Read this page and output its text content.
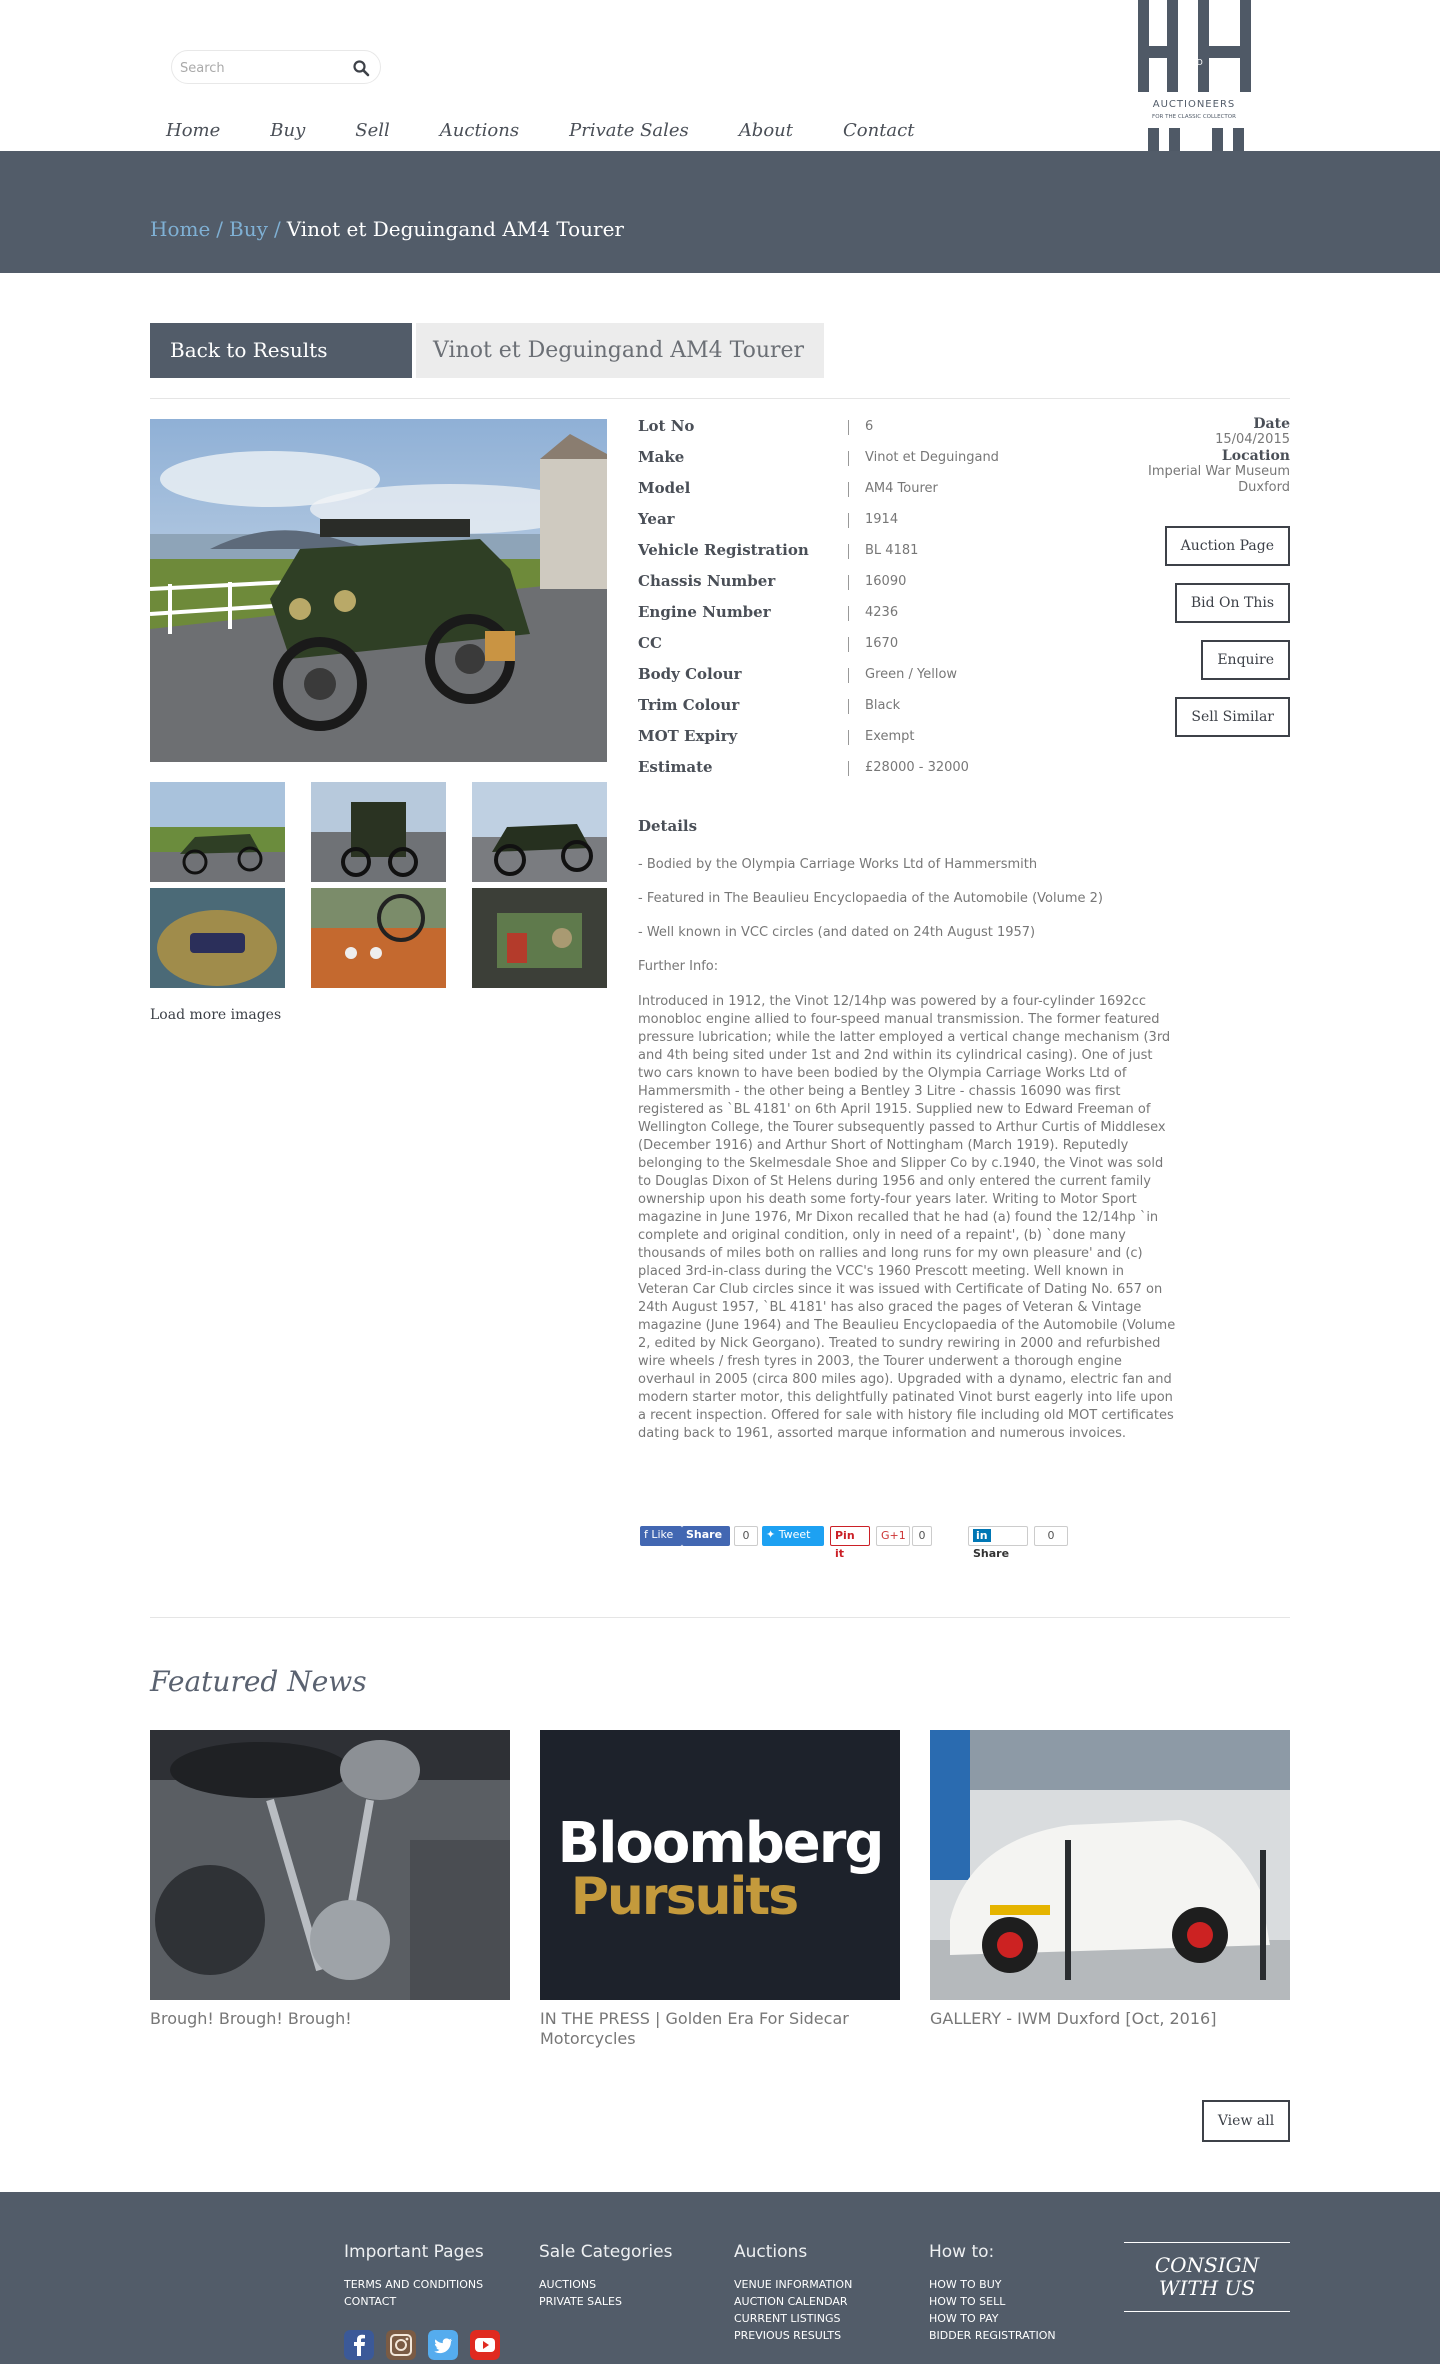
Search
Home	Buy	Sell	Auctions	Private Sales	About	Contact
AND
AUCTIONEERS
FOR THE CLASSIC COLLECTOR
Home / Buy / Vinot et Deguingand AM4 Tourer
Back to Results	Vinot et Deguingand AM4 Tourer
Load more images
Lot No	6
Make	Vinot et Deguingand
Model	AM4 Tourer
Year	1914
Vehicle Registration	BL 4181
Chassis Number	16090
Engine Number	4236
CC	1670
Body Colour	Green / Yellow
Trim Colour	Black
MOT Expiry	Exempt
Estimate	£28000 - 32000
Date
15/04/2015
Location
Imperial War Museum
Duxford
Auction Page
Bid On This
Enquire
Sell Similar
Details
- Bodied by the Olympia Carriage Works Ltd of Hammersmith
- Featured in The Beaulieu Encyclopaedia of the Automobile (Volume 2)
- Well known in VCC circles (and dated on 24th August 1957)
Further Info:
Introduced in 1912, the Vinot 12/14hp was powered by a four-cylinder 1692cc monobloc engine allied to four-speed manual transmission. The former featured pressure lubrication; while the latter employed a vertical change mechanism (3rd and 4th being sited under 1st and 2nd within its cylindrical casing). One of just two cars known to have been bodied by the Olympia Carriage Works Ltd of Hammersmith - the other being a Bentley 3 Litre - chassis 16090 was first registered as `BL 4181' on 6th April 1915. Supplied new to Edward Freeman of Wellington College, the Tourer subsequently passed to Arthur Curtis of Middlesex (December 1916) and Arthur Short of Nottingham (March 1919). Reputedly belonging to the Skelmesdale Shoe and Slipper Co by c.1940, the Vinot was sold to Douglas Dixon of St Helens during 1956 and only entered the current family ownership upon his death some forty-four years later. Writing to Motor Sport magazine in June 1976, Mr Dixon recalled that he had (a) found the 12/14hp `in complete and original condition, only in need of a repaint', (b) `done many thousands of miles both on rallies and long runs for my own pleasure' and (c) placed 3rd-in-class during the VCC's 1960 Prescott meeting. Well known in Veteran Car Club circles since it was issued with Certificate of Dating No. 657 on 24th August 1957, `BL 4181' has also graced the pages of Veteran & Vintage magazine (June 1964) and The Beaulieu Encyclopaedia of the Automobile (Volume 2, edited by Nick Georgano). Treated to sundry rewiring in 2000 and refurbished wire wheels / fresh tyres in 2003, the Tourer underwent a thorough engine overhaul in 2005 (circa 800 miles ago). Upgraded with a dynamo, electric fan and modern starter motor, this delightfully patinated Vinot burst eagerly into life upon a recent inspection. Offered for sale with history file including old MOT certificates dating back to 1961, assorted marque information and numerous invoices.
f Like	Share	0	✦ Tweet	Pin it
G+1	0	in Share
0
Featured News
Brough! Brough! Brough!
Bloomberg
Pursuits
IN THE PRESS | Golden Era For Sidecar Motorcycles
GALLERY - IWM Duxford [Oct, 2016]
View all
Important Pages
TERMS AND CONDITIONS
CONTACT
Sale Categories
AUCTIONS
PRIVATE SALES
Auctions
VENUE INFORMATION
AUCTION CALENDAR
CURRENT LISTINGS
PREVIOUS RESULTS
How to:
HOW TO BUY
HOW TO SELL
HOW TO PAY
BIDDER REGISTRATION
CONSIGN
WITH US
